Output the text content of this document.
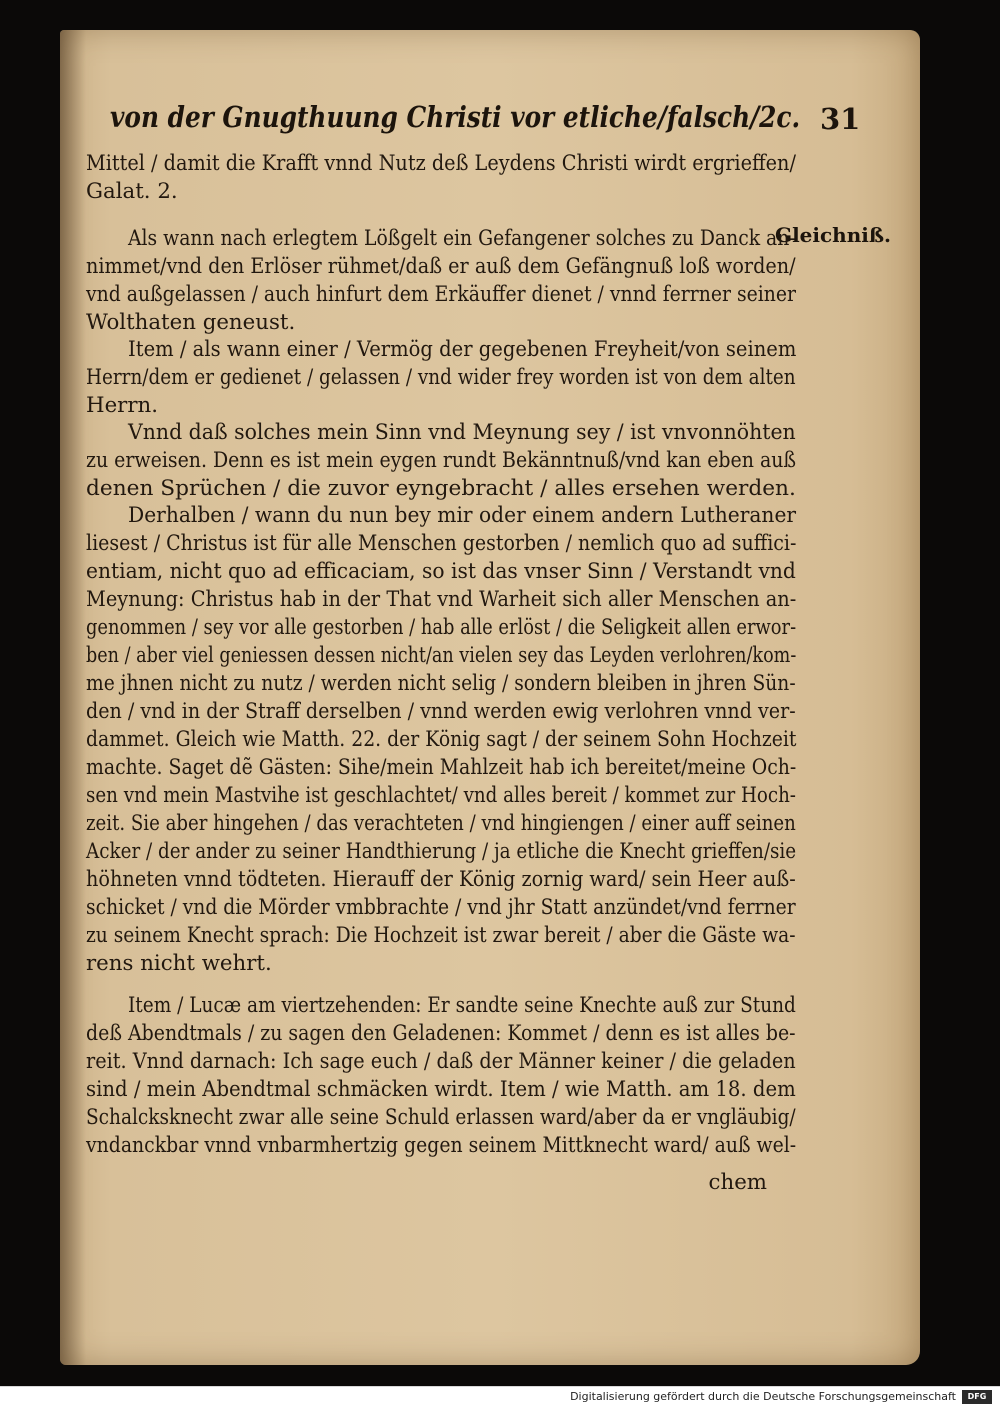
von der Gnugthuung Christi vor etliche/falsch/2c. 31
Gleichniß.
Mittel / damit die Krafft vnnd Nutz deß Leydens Christi wirdt ergrieffen/
Galat. 2.
Als wann nach erlegtem Lößgelt ein Gefangener solches zu Danck an-
nimmet/vnd den Erlöser rühmet/daß er auß dem Gefängnuß loß worden/
vnd außgelassen / auch hinfurt dem Erkäuffer dienet / vnnd ferrner seiner
Wolthaten geneust.
Item / als wann einer / Vermög der gegebenen Freyheit/von seinem
Herrn/dem er gedienet / gelassen / vnd wider frey worden ist von dem alten
Herrn.
Vnnd daß solches mein Sinn vnd Meynung sey / ist vnvonnöhten
zu erweisen. Denn es ist mein eygen rundt Bekänntnuß/vnd kan eben auß
denen Sprüchen / die zuvor eyngebracht / alles ersehen werden.
Derhalben / wann du nun bey mir oder einem andern Lutheraner
liesest / Christus ist für alle Menschen gestorben / nemlich quo ad suffici-
entiam, nicht quo ad efficaciam, so ist das vnser Sinn / Verstandt vnd
Meynung: Christus hab in der That vnd Warheit sich aller Menschen an-
genommen / sey vor alle gestorben / hab alle erlöst / die Seligkeit allen erwor-
ben / aber viel geniessen dessen nicht/an vielen sey das Leyden verlohren/kom-
me jhnen nicht zu nutz / werden nicht selig / sondern bleiben in jhren Sün-
den / vnd in der Straff derselben / vnnd werden ewig verlohren vnnd ver-
dammet. Gleich wie Matth. 22. der König sagt / der seinem Sohn Hochzeit
machte. Saget dẽ Gästen: Sihe/mein Mahlzeit hab ich bereitet/meine Och-
sen vnd mein Mastvihe ist geschlachtet/ vnd alles bereit / kommet zur Hoch-
zeit. Sie aber hingehen / das verachteten / vnd hingiengen / einer auff seinen
Acker / der ander zu seiner Handthierung / ja etliche die Knecht grieffen/sie
höhneten vnnd tödteten. Hierauff der König zornig ward/ sein Heer auß-
schicket / vnd die Mörder vmbbrachte / vnd jhr Statt anzündet/vnd ferrner
zu seinem Knecht sprach: Die Hochzeit ist zwar bereit / aber die Gäste wa-
rens nicht wehrt.
Item / Lucæ am viertzehenden: Er sandte seine Knechte auß zur Stund
deß Abendtmals / zu sagen den Geladenen: Kommet / denn es ist alles be-
reit. Vnnd darnach: Ich sage euch / daß der Männer keiner / die geladen
sind / mein Abendtmal schmäcken wirdt. Item / wie Matth. am 18. dem
Schalcksknecht zwar alle seine Schuld erlassen ward/aber da er vngläubig/
vndanckbar vnnd vnbarmhertzig gegen seinem Mittknecht ward/ auß wel-
chem
Digitalisierung gefördert durch die Deutsche Forschungsgemeinschaft	DFG
